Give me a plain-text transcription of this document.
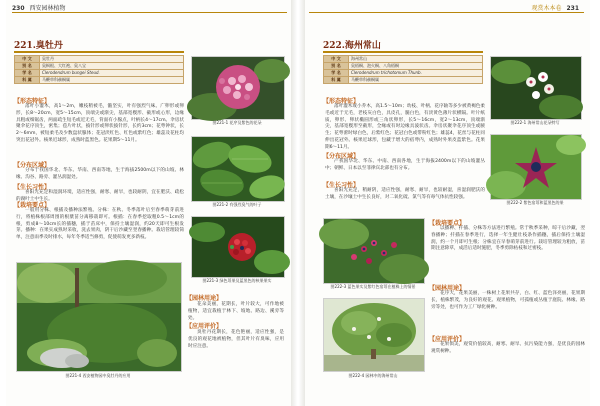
230 西安园林植物
221.臭牡丹
中 文	臭牡丹
别 名	臭枫根、大红袍、臭八宝
学 名	Clerodendrum bungei Steud.
科 属	马鞭草科赪桐属
【形态特征】
落叶小灌木，高1～2m，嫩枝稍被毛，髓坚实，叶有强烈气味。广卵形或卵形，长8～20cm，宽5～15cm，顶端尖或渐尖，基部宽楔形、截形或心形，边缘具粗或细锯齿，两面疏生短毛或近无毛，背面有小腺点，叶柄长4～17cm。伞房状聚伞花序顶生，密集；苞片叶状，披针形或卵状披针形，长约3cm；花萼钟状，长2～6mm，被短柔毛及少数盘状腺体；花冠淡红色、红色或紫红色；雄蕊及花柱均突出花冠外。核果近球形，成熟时蓝黑色。花果期5～11月。
【分布区域】
分布于我国华北、华东、华南、西南等地，生于海拔2500m以下的山坡、林缘、沟谷、路旁、灌丛润湿处。
【生长习性】
喜阳光充足和湿润环境，适应性强，耐寒、耐旱，也较耐阴，宜在肥沃、疏松的腐叶土中生长。
【栽培要点】
一般用分株、根插及播种法繁殖。分株：在秋、冬季落叶后至春季萌芽前进行，将植株根部周围的根蘖苗分离移栽即可。根插：在春季挖取粗0.5～1cm的根，剪成8～10cm长的插穗，插于苗床中，保持土壤湿润，约20天即可生根发芽。播种：在果实成熟时采收，洗去果肉，阴干后沙藏至翌春播种。栽培管理较简单，注意雨季及时排水，每年冬季适当修剪，促使萌发更多新枝。
图221-1 花序及紫色的花朵
图221-2 有强烈臭气的叶子
图221-3 绿色萼果及蓝黑色的核果果实
图221-4 西安植物园中臭牡丹的应用
【园林用途】
花朵美丽，花期长，叶片较大，可作地被植物，适宜栽植于林下、坡地、路边、溪旁等处。
【应用评价】
臭牡丹花期长，花色艳丽，适应性强，是优良的观花地被植物，但其叶片有臭味，应用时应注意。
观赏木本卷 231
222.海州常山
中 文	海州常山
别 名	臭梧桐、泡火桐、八角梧桐
学 名	Clerodendrum trichotomum Thunb.
科 属	马鞭草科赪桐属
【形态特征】
落叶灌木或小乔木，高1.5～10m；幼枝、叶柄、花序轴等多少被黄褐色柔毛或近于无毛，老枝灰白色，具皮孔，髓白色，有淡黄色薄片状横隔。叶片纸质，卵形、卵状椭圆形或三角状卵形，长5～16cm，宽2～13cm，顶端渐尖，基部宽楔形至截形，全缘或有时边缘具波状齿。伞房状聚伞花序顶生或腋生；花萼蕾时绿白色，后紫红色；花冠白色或带粉红色；雄蕊4，花丝与花柱同伸出花冠外。核果近球形，包藏于增大的宿萼内，成熟时外果皮蓝紫色。花果期6～11月。
【分布区域】
产我国华北、华东、中南、西南各地，生于海拔2400m以下的山坡灌丛中；朝鲜、日本以至菲律宾北部也有分布。
【生长习性】
喜阳光充足，稍耐阴，适应性强，耐寒、耐旱，也较耐湿，喜湿润肥沃的土壤，在沙壤土中生长良好，对二氧化硫、氯气等有毒气体抗性较强。
图222-1 海州常山花朵特写
图222-2 紫色宿萼和蓝黑色的果
图222-3 蓝色果实及紫红色宿萼在植株上的情景
【栽培要点】
以播种、扦插、分株等方法进行繁殖。常于秋季采种，晾干后沙藏，翌春播种；扦插在春季进行，选择一年生健壮枝条作插穗，插后保持土壤湿润，约一个月即可生根；分株宜在早春萌芽前进行。栽培管理较为粗放，苗期注意除草，成活后适时施肥，冬季剪除枯枝和过密枝。
【园林用途】
花序大，花果美丽，一株树上花果共存，白、红、蓝色泽亮丽，花果期长，植株繁茂，为良好的观花、观果植物，可孤植或丛植于庭院、林缘、路旁等处，也可作为工厂绿化树种。
【应用评价】
花果俱美，观赏价值较高，耐寒、耐旱、抗污染能力强，是优良的园林观赏树种。
图222-4 园林中的海州常山
